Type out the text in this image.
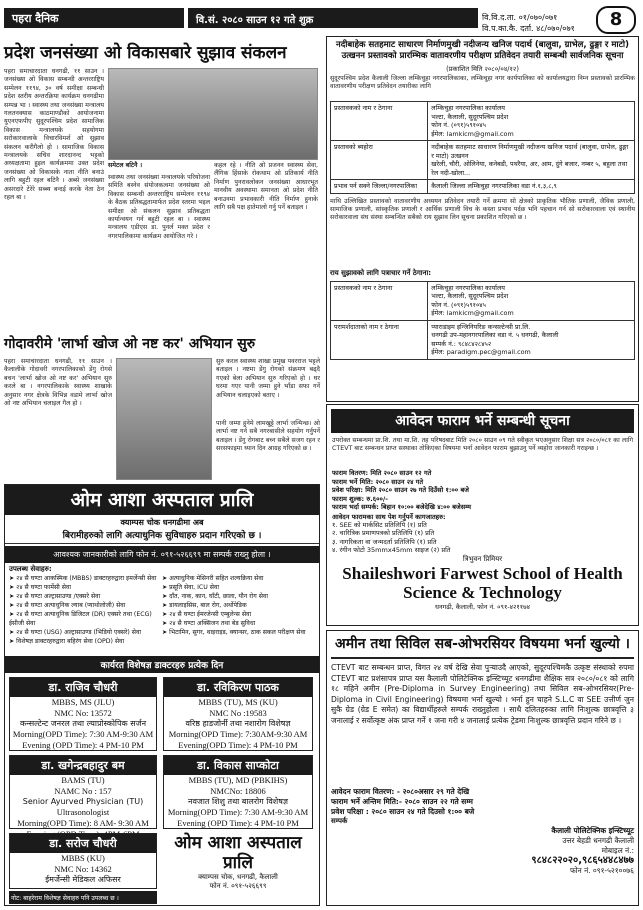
पहरा दैनिक	वि.सं. २०८० साउन १२ गते शुक्र	वि.वि.द.ता. ०१/०७०/०७१ वि.प.का.कै. दर्ता. ४८/०७०/०७१	8
प्रदेश जनसंख्या ओ विकासबारे सुझाव संकलन
पहरा समाचारदाता धनगढी, ११ साउन । जनसंख्या ओ विकास सम्बन्धी अन्तरराष्ट्रिय सम्मेलन ११९४, ३० वर्ष समीक्षा सम्बन्धी प्रदेश स्तरीय अन्तरक्रिया कार्यक्रम धनगढीमा सम्पन्न भा । स्वास्थ्य तथा जनसंख्या मन्त्रालय गलतनक्यास काठमाण्डौको आयोजनामा युएनएफपीए सुदूरपश्चिम प्रदेश सामाजिक विकास मन्त्रालयके सहयोगमा सरोकारवालाके विचारविमर्श ओ सुझाव संकलन करीगैलो हो । सामाजिक विकास मन्त्रालयके सचिव शारदानन्द भट्टको अध्यक्षतामा हुइल कार्यक्रममा उक्त प्रदेश जनसंख्या ओ विकासके नाता नीति बनाउं लागि बहुटी रहल बटिनै । अब्से जनसंख्या असरदारे टेरेरे सब्ब्य बन्दई करके नेता ठेन रहल बा ।
समेटल बटिनै ।
स्वास्थ्य तथा जनसंख्या मन्त्रालयके परियोजना समिति बस्नेव संयोजकत्वमा जनसंख्या ओ विकास सम्बन्धी अन्तरराष्ट्रिय सम्मेलन ११९४ के बैठक प्रतिबद्धतामार्फत प्रदेश स्तरमा भइल समीक्षा ओ संकलन सुझाव प्रतिबद्धता कार्यान्वयन गर्न बहुटी रहल बा । स्वास्थ्य मन्त्रालय एडीएस डा. पुनर्ल मक्त प्रदेश र नगरपालिकामा कार्यक्रम आयोजित गरे ।
कहल रहे । नीति ओ प्रजनन स्वास्थ्य सेवा, लैंगिक हिंसाके रोकथाम ओ प्रतिकार्य नीति निर्माण पुनरावलोकन जनसंख्या आधारभूत मानवीय अवस्थामा समानता ओ प्रदेश नीति बनाउनमा प्रभावकारी नीति निर्माण हुनाके लागि सबै पक्ष हातेमालो गर्नु पर्ने बताइल ।
गोदावरीमे 'लार्भा खोज ओ नष्ट कर' अभियान सुरु
पहरा समाचारदाता धनगढी, ११ साउन । कैलालीके गोदावरी नगरपालिकाको डेंगु रोगसे बचन 'लार्भा खोज ओ नष्ट कर' अभियान सुरु करले बा । नगरपालिकाके स्वास्थ्य शाखाके अनुसार नगर क्षेत्रके विभिन्न वडामे लार्भा खोज ओ नष्ट अभियान चलाइल गैल हो ।
सुरु करल स्वास्थ्य शाखा प्रमुख पवरराज भट्टले बताइल । नष्टमा डेंगु रोगको संक्रमण बढ्दै गएको बेला अभियान सुरु गरिएको हो । घर घरमा गएर पानी जम्मा हुने भाँडा सफा गर्ने अभियान चलाइएको बताए ।
पानी जम्मा हुनेमे लामखुट्टे लार्भा जन्मिन्छ। ओ लार्भा नष्ट गर्न सबै नगरबासीले सहयोग गर्नुपर्ने बताइल । डेंगु रोगबाट बच्न सबैले सजग रहन र सरसफाइमा ध्यान दिन आग्रह गरिएको छ ।
ओम आशा अस्पताल प्रालि
क्याम्पस चोक धनगढीमा अब
बिरामीहरुको लागि अत्याधुनिक सुविधाहरु प्रदान गरिएको छ ।
आवश्यक जानकारीको लागि फोन नं. ०९१-५२६६९९ मा सम्पर्क राख्नु होला ।
उपलब्ध सेवाहरु:
➤ २४ सै घण्टा आकस्मिक (MBBS) डाक्टरहरुद्वारा इमर्जेन्सी सेवा
➤ २४ सै घण्टा फार्मेसी सेवा
➤ २४ सै घण्टा अल्ट्रासाउण्ड /एक्सरे सेवा
➤ २४ सै घण्टा अत्याधुनिक ल्याब (प्याथोलोजी) सेवा
➤ २४ सै घण्टा अत्याधुनिक डिजिटल (DR) एक्सरे तथा (ECG) ईसीजी सेवा
➤ २४ सै घण्टा (USG) अल्ट्रासाउण्ड (भिडियो एक्सरे) सेवा
➤ विशेषज्ञ डाक्टरहरुद्वारा बहिरंग सेवा (OPD) सेवा
➤ अत्याधुनिक मेसिनरी सहित शल्यक्रिया सेवा
➤ प्रसूति सेवा, ICU सेवा
➤ दाँत, नाक, कान, घाँटी, छाला, यौन रोग सेवा
➤ डायलाइसिस, बाल रोग, अर्थोपेडिक
➤ २४ सै घण्टा ईमरजेन्सी एम्बुलेन्स सेवा
➤ २४ सै घण्टा अक्सिजन तथा बेड सुविधा
➤ भिटामिन, सुगर, थाइराइड, क्यान्सर, ठाक सकल परीक्षण सेवा
कार्यरत विशेषज्ञ डाक्टरहरु प्रत्येक दिन
डा. राजिव चौधरी
MBBS, MS (JLU)
NMC No: 13572
कन्सल्टेन्ट जनरल तथा ल्याप्रोस्कोपिक सर्जन
Morning(OPD Time): 7:30 AM-9:30 AM
Evening (OPD Time): 4 PM-10 PM
डा. रविकिरण पाठक
MBBS (TU), MS (KU)
NMC No :19583
वरिष्ठ हाडजोर्नी तथा नशारोग विशेषज्ञ
Morning(OPD Time): 7:30AM-9:30 AM
Evening(OPD Time): 4 PM-10 PM
डा. खगेन्द्रबहादुर बम
BAMS (TU)
NAMC No : 157
Senior Ayurved Physician (TU)
Ultrasonologist
Morning(OPD Time): 8 AM- 9:30 AM
डा. विकास साप्कोटा
MBBS (TU), MD (PBKIHS)
NMCNo: 18806
नवजात शिशु तथा बालरोग विशेषज्ञ
Morning(OPD Time): 7:30 AM-9:30 AM
Evening (OPD Time): 4 PM-10 PM
डा. सरोज चौधरी
MBBS (KU)
NMC No: 14362
ईमर्जेन्सी मेडिकल अफिसर
ओम आशा अस्पताल प्रालि
क्याम्पस चोक, धनगढी, कैलाली
फोन नं. ०९१-५२६६९९
नोट: बाहरेराम विशेषज्ञ सेवाहरु पनि उपलब्ध छ ।
नदीबाहेक सतहमाट साधारण निर्माणमुखी नदीजन्य खनिज पदार्थ (बालुवा, ग्राभेल, ढुङ्गा र माटो) उत्खनन प्रस्तावको प्रारम्भिक वातावरणीय परीक्षण प्रतिवेदन तयारी सम्बन्धी सार्वजनिक सूचना
(प्रकाशित मिति २०८०/०४/१२)
सुदूरपश्चिम प्रदेश कैलाली जिल्ला लम्किचुहा नगरपालिकाका, लम्किचुहा नगर कार्यपालिका को कार्यालयद्वारा निम्न प्रस्तावको प्रारम्भिक वातावरणीय परीक्षण प्रतिवेदन तयारीका लागि
प्रस्तावकको नाम र ठेगाना	लम्किचुहा नगरपालिका कार्यालय
भल्टा, कैलाली, सुदूरपश्चिम प्रदेश
फोन नं. (०९१)५९१०४५
ईमेल: lamkicm@gmail.com
प्रस्तावको ब्यहोरा	नदीबाहेक सतहमाट साधारण निर्माणमुखी नदीजन्य खनिज पदार्थ (बालुवा, ग्राभेल, ढुङ्गा र माटो) उत्खनन
खरेली, चौरी, ओलिनेया, कनेबडी, पथरैया, अर, आम, दुंगे बजार, नम्बर ५, बहुला तथा रेल नदी-खोला...
प्रभाव पर्न सक्ने जिल्ला/नगरपालिका	कैलाली जिल्ला लम्किचुहा नगरपालिका वडा नं.१,३,८,९
माथि उल्लिखित प्रस्तावको वातावरणीय अध्ययन प्रतिवेदन तयारी गर्ने क्रममा सो क्षेत्रको प्राकृतिक भौतिक प्रणाली, जैविक प्रणाली, सामाजिक प्रणाली, सांस्कृतिक प्रणाली र आर्थिक प्रणाली विच के कस्ता प्रभाव पर्दछ भनि पहचान गर्न सो सरोकारवाला एवं स्थानीय सरोकारवाला संघ संस्था सम्बन्धित सबैको राय सुझाव लिन सूचना प्रकाशित गरिएको छ ।
राय सुझावको लागि पत्राचार गर्ने ठेगाना:
प्रस्तावकको नाम र ठेगाना	लम्किचुहा नगरपालिका कार्यालय
भल्टा, कैलाली, सुदूरपश्चिम प्रदेश
फोन नं. (०९१)५९१०४५
ईमेल: lamkicm@gmail.com
परामर्शदाताको नाम र ठेगाना	प्याराडाइम इन्जिनियरिङ कन्सल्टेन्सी प्रा.लि.
धनगढी उप-महानगरपालिका वडा नं. ५ धनगढी, कैलाली
सम्पर्क नं.: ९८४८४२८४५२
ईमेल: paradigm.pec@gmail.com
आवेदन फाराम भर्ने सम्बन्धी सूचना
उपरोक्त सम्बन्धमा प्रा.शि. तथा मा.शि. तह परिषदबाट मिति २०८० साउन ०९ गते स्वीकृत भएअनुसार शिक्षा सत्र २०८०/०८१ का लागि CTEVT बाट सम्बन्धन प्राप्त सस्थाका तोकिएका विषयमा भर्ना आवेदन फाराम बुझाउनु पर्ने व्यहोरा जानकारी गराइन्छ ।
फाराम वितरण: मिति २०८० साउन १२ गते
फाराम भर्ने मिति: २०८० साउन २४ गते
प्रवेश परिक्षा: मिति २०८० साउन २७ गते दिउँसो १:०० बजे
फाराम शुल्क: रु.६००/-
फाराम भर्दा सम्पर्क: बिहान १०:०० बजेदेखि ४:०० बजेसम्म
आवेदन फारामका साथ पेश गर्नुपर्ने कागजातहरु:
१. SEE को मार्कसिट प्रतिलिपि (१) प्रति
२. चारित्रिक प्रमाणपत्रको प्रतिलिपि (१) प्रति
३. नागरिकता वा जन्मदर्ता प्रतिलिपि (१) प्रति
४. रंगीन फोटो 35mmx45mm साइज (२) प्रति
त्रिभुवन प्रिमियर
Shaileshwori Farwest School of Health Science & Technology
धनगढी, कैलाली, फोन नं. ०९१-४२११७४
अमीन तथा सिविल सब-ओभरसियर विषयमा भर्ना खुल्यो ।
CTEVT बाट सम्बन्धन प्राप्त, विगत २४ वर्ष देखि सेवा पुऱ्याउदै आएको, सुदूरपश्चिमकै उत्कृष्ट संस्थाको रुपमा CTEVT बाट प्रशंसापत्र प्राप्त यस कैलाली पोलिटेक्निक इन्स्टिच्यूट धनगढीमा शैक्षिक सत्र २०८०/०८१ को लागि १८ महिने अमीन (Pre-Diploma in Survey Engineering) तथा सिविल सब-ओभरसियर(Pre-Diploma in Civil Engineering) विषयमा भर्ना खुल्यो । भर्ना हुन चाहने S.L.C वा SEE उत्तीर्ण जुन सुकै ग्रेड (ग्रेड E समेत) का विद्यार्थीहरुले सम्पर्क राख्नुहोला । साथै दलितहरुका लागि निःशुल्क छात्रवृत्ति ३ जनालाई र सर्वोत्कृष्ट अंक प्राप्त गर्ने १ जना गरी ४ जनालाई प्रत्येक ट्रेडमा निःशुल्क छात्रवृत्ति प्रदान गरिने छ ।
आवेदन फाराम वितरण: - २०८०असार २९ गते देखि
फाराम भर्ने अन्तिम मिति:- २०८० साउन २२ गते सम्म
प्रवेश परिक्षा : २०८० साउन २४ गते दिउसो १:०० बजे
सम्पर्क
कैलाली पोलिटेक्निक इन्स्टिच्यूट
उत्तर बेहडी धनगढी कैलाली
मोबाइल नं.:
९८४८२२०२०,९८६५४४८४७७
फोन नं. ०९१-५२१००७६
